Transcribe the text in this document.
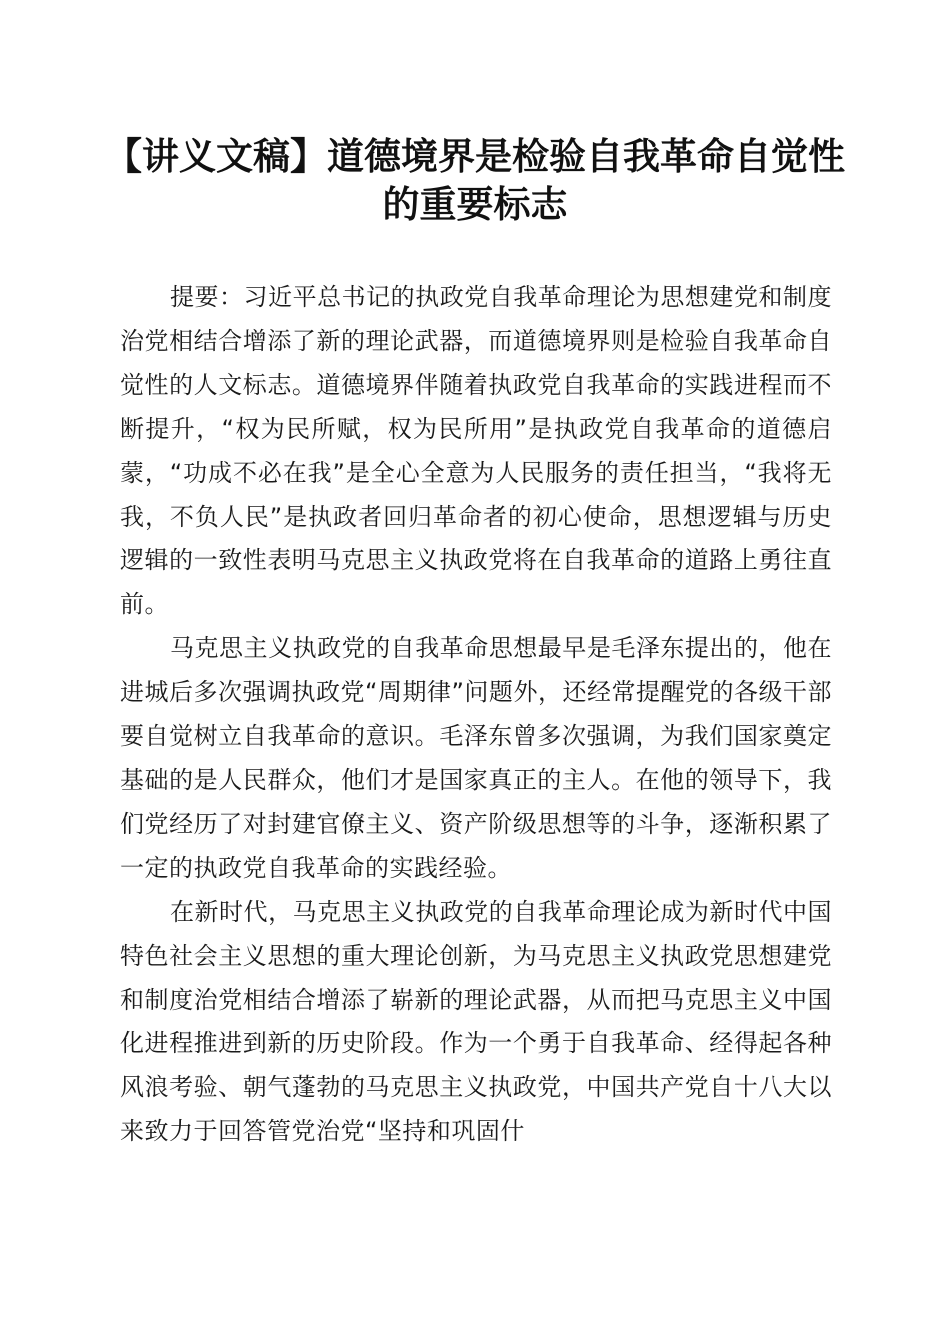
【讲义文稿】道德境界是检验自我革命自觉性
的重要标志

提要：习近平总书记的执政党自我革命理论为思想建党和制度治党相结合增添了新的理论武器，而道德境界则是检验自我革命自觉性的人文标志。道德境界伴随着执政党自我革命的实践进程而不断提升，“权为民所赋，权为民所用”是执政党自我革命的道德启蒙，“功成不必在我”是全心全意为人民服务的责任担当，“我将无我，不负人民”是执政者回归革命者的初心使命，思想逻辑与历史逻辑的一致性表明马克思主义执政党将在自我革命的道路上勇往直前。

马克思主义执政党的自我革命思想最早是毛泽东提出的，他在进城后多次强调执政党“周期律”问题外，还经常提醒党的各级干部要自觉树立自我革命的意识。毛泽东曾多次强调，为我们国家奠定基础的是人民群众，他们才是国家真正的主人。在他的领导下，我们党经历了对封建官僚主义、资产阶级思想等的斗争，逐渐积累了一定的执政党自我革命的实践经验。

在新时代，马克思主义执政党的自我革命理论成为新时代中国特色社会主义思想的重大理论创新，为马克思主义执政党思想建党和制度治党相结合增添了崭新的理论武器，从而把马克思主义中国化进程推进到新的历史阶段。作为一个勇于自我革命、经得起各种风浪考验、朝气蓬勃的马克思主义执政党，中国共产党自十八大以来致力于回答管党治党“坚持和巩固什
